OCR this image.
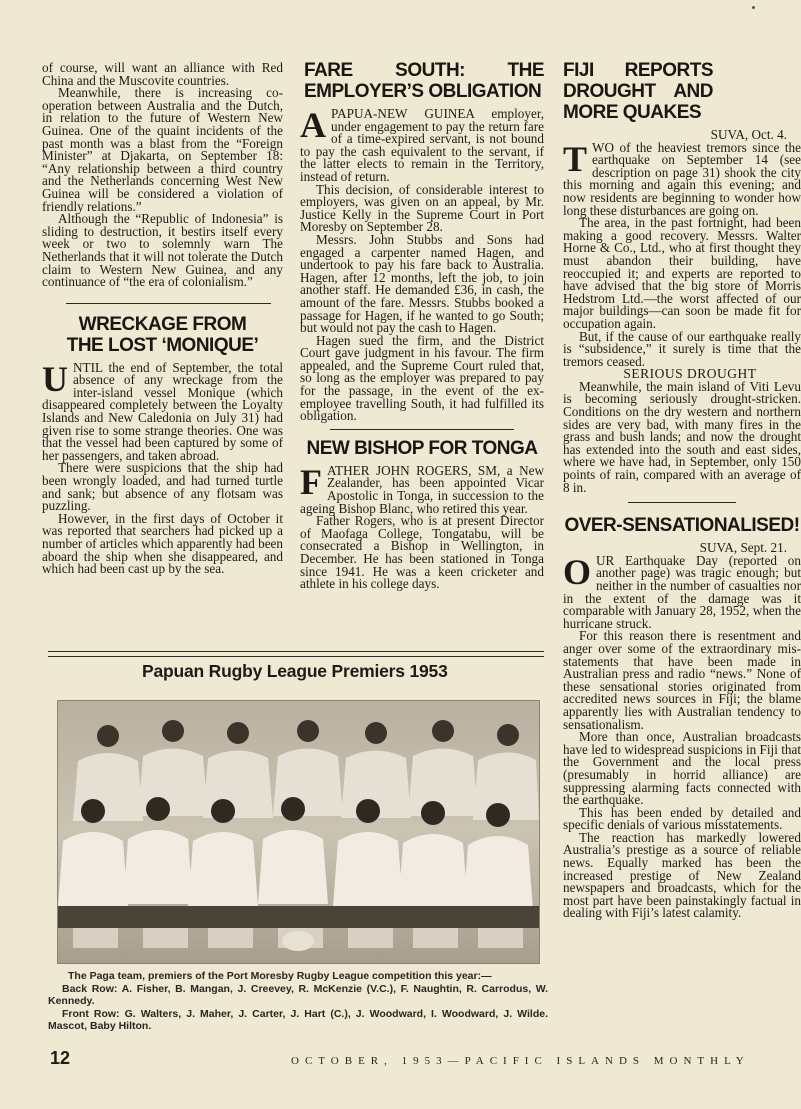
of course, will want an alliance with Red China and the Muscovite countries.

Meanwhile, there is increasing co-operation between Australia and the Dutch, in relation to the future of Western New Guinea. One of the quaint incidents of the past month was a blast from the “Foreign Minister” at Djakarta, on September 18: “Any relationship between a third country and the Netherlands concerning West New Guinea will be considered a violation of friendly relations.”

Although the “Republic of Indonesia” is sliding to destruction, it bestirs itself every week or two to solemnly warn The Netherlands that it will not tolerate the Dutch claim to Western New Guinea, and any continuance of “the era of colonialism.”

WRECKAGE FROM THE LOST ‘MONIQUE’

UNTIL the end of September, the total absence of any wreckage from the inter-island vessel Monique (which disappeared completely between the Loyalty Islands and New Caledonia on July 31) had given rise to some strange theories. One was that the vessel had been captured by some of her passengers, and taken abroad.

There were suspicions that the ship had been wrongly loaded, and had turned turtle and sank; but absence of any flotsam was puzzling.

However, in the first days of October it was reported that searchers had picked up a number of articles which apparently had been aboard the ship when she disappeared, and which had been cast up by the sea.

FARE SOUTH: THE EMPLOYER’S OBLIGATION

APAPUA-NEW GUINEA employer, under engagement to pay the return fare of a time-expired servant, is not bound to pay the cash equivalent to the servant, if the latter elects to remain in the Territory, instead of return.

This decision, of considerable interest to employers, was given on an appeal, by Mr. Justice Kelly in the Supreme Court in Port Moresby on September 28.

Messrs. John Stubbs and Sons had engaged a carpenter named Hagen, and undertook to pay his fare back to Australia. Hagen, after 12 months, left the job, to join another staff. He demanded £36, in cash, the amount of the fare. Messrs. Stubbs booked a passage for Hagen, if he wanted to go South; but would not pay the cash to Hagen.

Hagen sued the firm, and the District Court gave judgment in his favour. The firm appealed, and the Supreme Court ruled that, so long as the employer was prepared to pay for the passage, in the event of the ex-employee travelling South, it had fulfilled its obligation.

NEW BISHOP FOR TONGA

FATHER JOHN ROGERS, SM, a New Zealander, has been appointed Vicar Apostolic in Tonga, in succession to the ageing Bishop Blanc, who retired this year.

Father Rogers, who is at present Director of Maofaga College, Tongatabu, will be consecrated a Bishop in Wellington, in December. He has been stationed in Tonga since 1941. He was a keen cricketer and athlete in his college days.

FIJI REPORTS DROUGHT AND MORE QUAKES

SUVA, Oct. 4.

TWO of the heaviest tremors since the earthquake on September 14 (see description on page 31) shook the city this morning and again this evening; and now residents are beginning to wonder how long these disturbances are going on.

The area, in the past fortnight, had been making a good recovery. Messrs. Walter Horne & Co., Ltd., who at first thought they must abandon their building, have reoccupied it; and experts are reported to have advised that the big store of Morris Hedstrom Ltd.—the worst affected of our major buildings—can soon be made fit for occupation again.

But, if the cause of our earthquake really is “subsidence,” it surely is time that the tremors ceased.

SERIOUS DROUGHT

Meanwhile, the main island of Viti Levu is becoming seriously drought-stricken. Conditions on the dry western and northern sides are very bad, with many fires in the grass and bush lands; and now the drought has extended into the south and east sides, where we have had, in September, only 150 points of rain, compared with an average of 8 in.

OVER-SENSATIONALISED!

SUVA, Sept. 21.

OUR Earthquake Day (reported on another page) was tragic enough; but neither in the number of casualties nor in the extent of the damage was it comparable with January 28, 1952, when the hurricane struck.

For this reason there is resentment and anger over some of the extraordinary mis-statements that have been made in Australian press and radio “news.” None of these sensational stories originated from accredited news sources in Fiji; the blame apparently lies with Australian tendency to sensationalism.

More than once, Australian broadcasts have led to widespread suspicions in Fiji that the Government and the local press (presumably in horrid alliance) are suppressing alarming facts connected with the earthquake.

This has been ended by detailed and specific denials of various misstatements.

The reaction has markedly lowered Australia’s prestige as a source of reliable news. Equally marked has been the increased prestige of New Zealand newspapers and broadcasts, which for the most part have been painstakingly factual in dealing with Fiji’s latest calamity.

Papuan Rugby League Premiers 1953

The Paga team, premiers of the Port Moresby Rugby League competition this year:—

Back Row: A. Fisher, B. Mangan, J. Creevey, R. McKenzie (V.C.), F. Naughtin, R. Carrodus, W. Kennedy.

Front Row: G. Walters, J. Maher, J. Carter, J. Hart (C.), J. Woodward, I. Woodward, J. Wilde. Mascot, Baby Hilton.

12	OCTOBER, 1953—PACIFIC ISLANDS MONTHLY
